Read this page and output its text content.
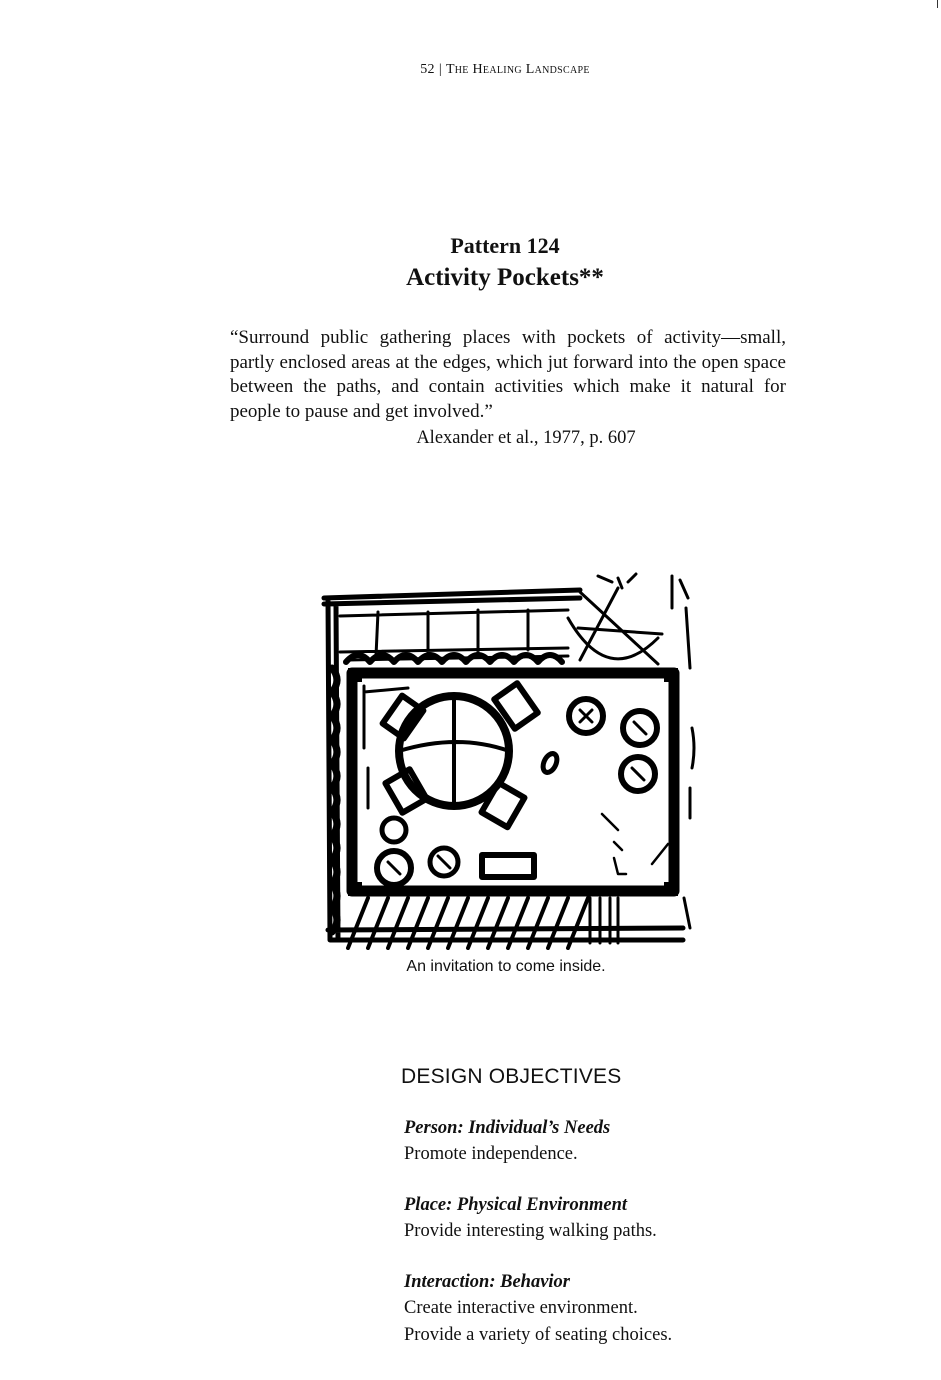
52 | The Healing Landscape
Pattern 124
Activity Pockets**
“Surround public gathering places with pockets of activity—small, partly enclosed areas at the edges, which jut forward into the open space between the paths, and contain activities which make it natural for people to pause and get involved.”
Alexander et al., 1977, p. 607
An invitation to come inside.
DESIGN OBJECTIVES
Person: Individual’s Needs
Promote independence.
Place: Physical Environment
Provide interesting walking paths.
Interaction: Behavior
Create interactive environment.
Provide a variety of seating choices.
